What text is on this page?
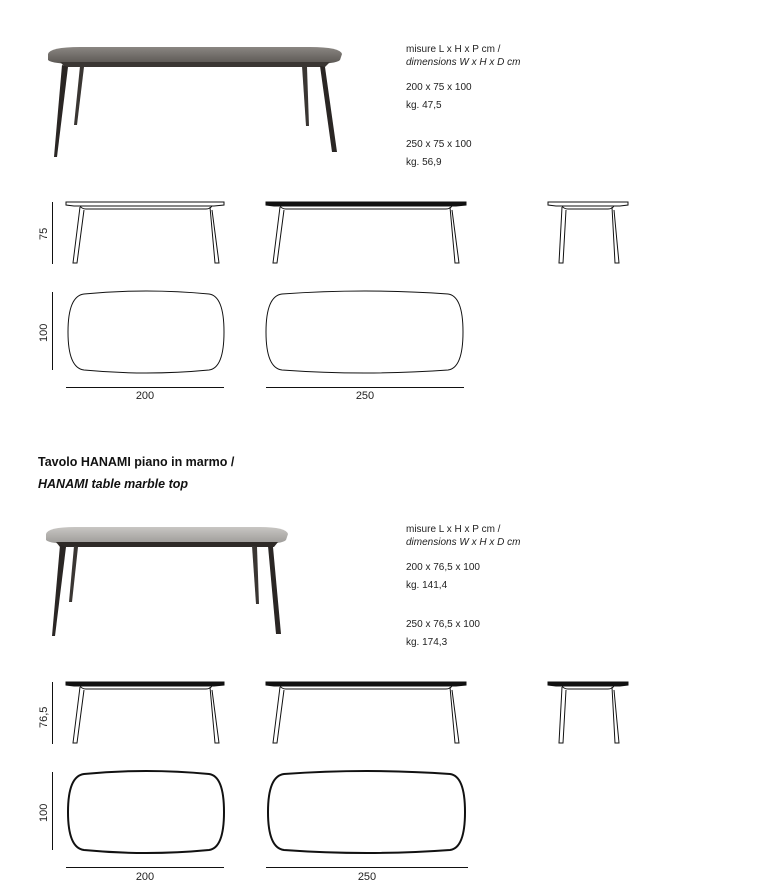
misure L x H x P cm /

dimensions W x H x D cm

200 x 75 x 100

kg. 47,5

250 x 75 x 100

kg. 56,9

75
100
200	250
Tavolo HANAMI piano in marmo /
HANAMI table marble top

misure L x H x P cm /

dimensions W x H x D cm

200 x 76,5 x 100

kg. 141,4

250 x 76,5 x 100

kg. 174,3

76,5
100
200	250
